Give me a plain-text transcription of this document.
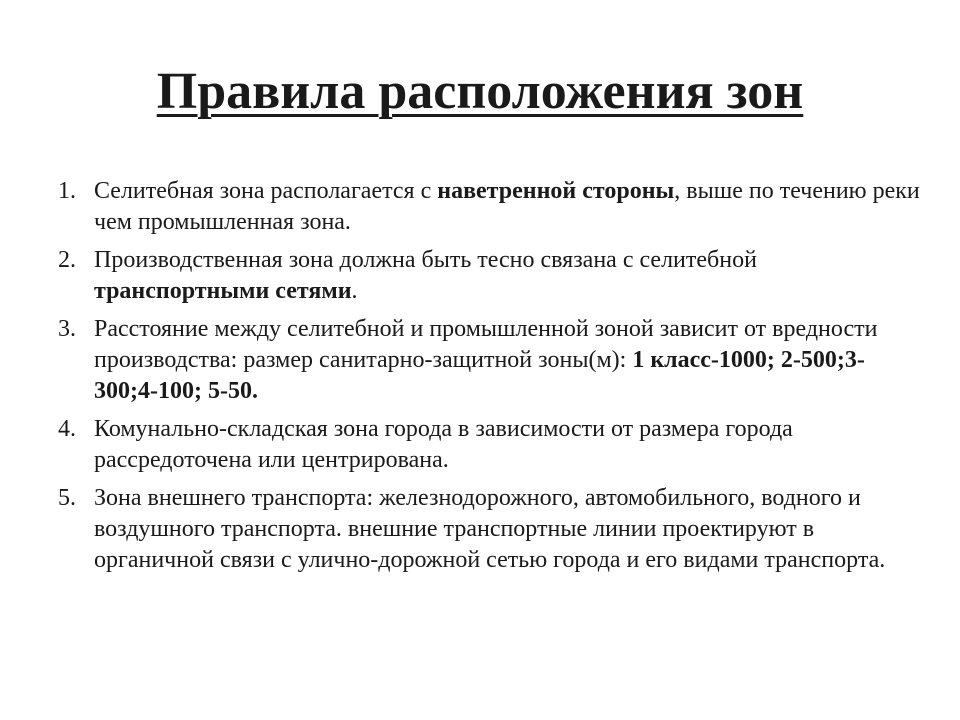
Правила расположения зон
1. Селитебная зона располагается с наветренной стороны, выше по течению реки чем промышленная зона.
2. Производственная зона должна быть тесно связана с селитебной транспортными сетями.
3. Расстояние между селитебной и промышленной зоной зависит от вредности производства: размер санитарно-защитной зоны(м): 1 класс-1000; 2-500;3-300;4-100; 5-50.
4. Комунально-складская зона города в зависимости от размера города рассредоточена или центрирована.
5. Зона внешнего транспорта: железнодорожного, автомобильного, водного и воздушного транспорта. внешние транспортные линии проектируют в органичной связи с улично-дорожной сетью города и его видами транспорта.
